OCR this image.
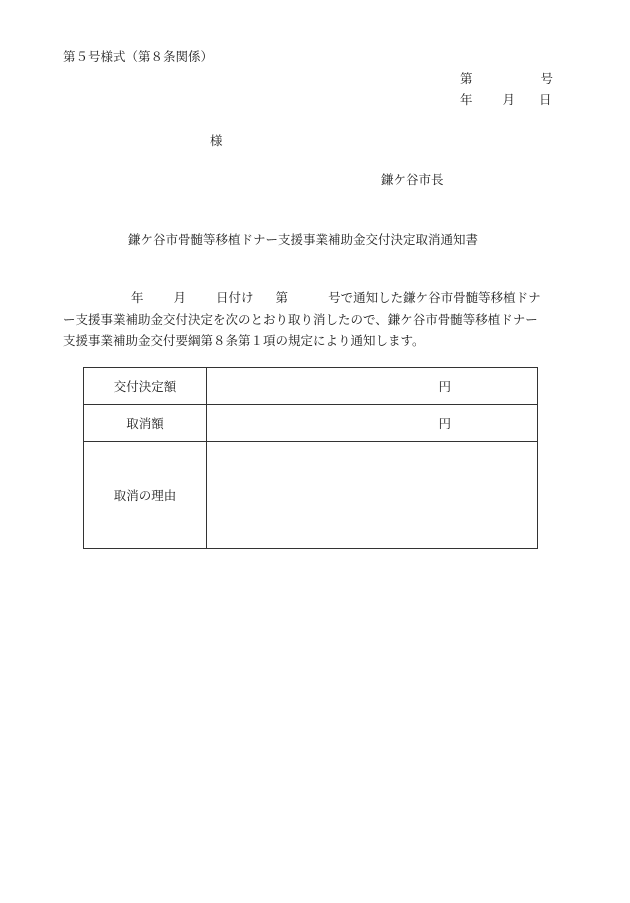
第５号様式（第８条関係）
第	号
年 月 日
様
鎌ケ谷市長
鎌ケ谷市骨髄等移植ドナー支援事業補助金交付決定取消通知書
年 月 日付け 第	号で通知した鎌ケ谷市骨髄等移植ドナ
ー支援事業補助金交付決定を次のとおり取り消したので、鎌ケ谷市骨髄等移植ドナー
支援事業補助金交付要綱第８条第１項の規定により通知します。
交付決定額	円
取消額	円
取消の理由	
